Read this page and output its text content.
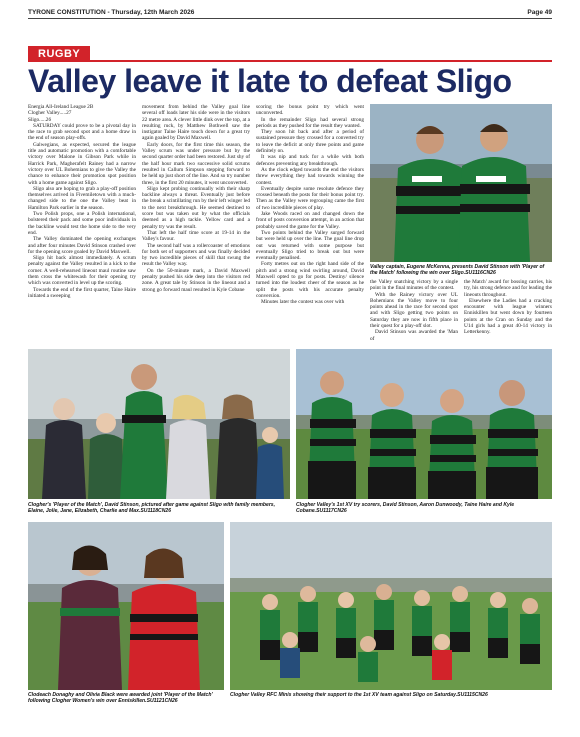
TYRONE CONSTITUTION - Thursday, 12th March 2026	Page 49
RUGBY
Valley leave it late to defeat Sligo

Energia All-Ireland League 2B

Clogher Valley.....27

Sligo.....26

SATURDAY could prove to be a pivotal day in the race to grab second spot and a home draw in the end of season play-offs.

Galwegians, as expected, secured the league title and automatic promotion with a comfortable victory over Malone in Gibson Park while in Harrick Park, Magherafelt Rainey had a narrow victory over UL Bohemians to give the Valley the chance to enhance their promotion spot position with a home game against Sligo.

Sligo also are hoping to grab a play-off position themselves arrived in Fivemiletown with a much-changed side to the one the Valley beat in Hamilton Park earlier in the season.

Two Polish props, one a Polish international, bolstered their pack and some poor individuals in the backline would test the home side to the very end.

The Valley dominated the opening exchanges and after four minutes David Stinson crashed over for the opening score goaled by David Maxwell.

Sligo hit back almost immediately. A scrum penalty against the Valley resulted in a kick to the corner. A well-rehearsed lineout maul routine saw them cross the whitewash for their opening try which was converted in level up the scoring.

Towards the end of the first quarter, Taine Haire initiated a sweeping

movement from behind the Valley goal line several off loads later his side were in the visitors 22 metre area. A clever little dink over the top, at a resulting ruck, by Matthew Bothwell saw the instigator Taine Haire touch down for a great try again goaled by David Maxwell.

Early doors, for the first time this season, the Valley scrum was under pressure but by the second quarter order had been restored. Just shy of the half hour mark two successive solid scrums resulted in Callum Simpson stepping forward to be held up just short of the line. And so try number three, in the first 20 minutes, it went unconverted.

Sligo kept probing continually with their sharp backline always a threat. Eventually just before the break a scintillating run by their left winger led to the next breakthrough. He seemed destined to score but was taken out by what the officials deemed as a high tackle. Yellow card and a penalty try was the result.

That left the half time score at 19-14 in the Valley's favour.

The second half was a rollercoaster of emotions for both set of supporters and was finally decided by two incredible pieces of skill that swung the result the Valley way.

On the 50-minute mark, a David Maxwell penalty pushed his side deep into the visitors red zone. A great tale by Stinson in the lineout and a strong go forward maul resulted in Kyle Cobane

scoring the bonus point try which went unconverted.

In the remainder Sligo had several strong periods as they pushed for the result they wanted.

They soon hit back and after a period of sustained pressure they crossed for a converted try to leave the deficit at only three points and game definitely on.

It was nip and tuck for a while with both defences preventing any breakthrough.

As the clock edged towards the end the visitors threw everything they had towards winning the contest.

Eventually despite some resolute defence they crossed beneath the posts for their bonus point try. Then as the Valley were regrouping came the first of two incredible pieces of play.

Jake Woods raced on and changed down the front of posts conversion attempt, in an action that probably saved the game for the Valley.

Two points behind the Valley surged forward but were held up over the line. The goal line drop out was returned with some purpose but eventually Sligo tried to break out but were eventually penalised.

Forty metres out on the right hand side of the pitch and a strong wind swirling around, David Maxwell opted to go for posts. Destiny/ silence turned into the loudest cheer of the season as he split the posts with his accurate penalty conversion.

Minutes later the contest was over with

Valley captain, Eugene McKenna, presents David Stinson with 'Player of the Match' following the win over Sligo.SU1116CN26

the Valley snatching victory by a single point in the final minutes of the contest.

With the Rainey victory over UL Bohemians the Valley move to four points ahead in the race for second spot and with Sligo getting two points on Saturday they are now in fifth place in their quest for a play-off slot.

David Stinson was awarded the 'Man of

the Match' award for bossing carries, his try, his strong defence and for leading the lineouts throughout.

Elsewhere the Ladies had a cracking encounter with league winners Enniskillen but went down by fourteen points at the Cran on Sunday and the U14 girls had a great 40-14 victory in Letterkenny.

Clogher's 'Player of the Match', David Stinson, pictured after game against Sligo with family members, Elaine, Jolie, Jane, Elizabeth, Charlie and Max.SU1118CN26
Clogher Valley's 1st XV try scorers, David Stinson, Aaron Dunwoody, Taine Haire and Kyle Cobane.SU1117CN26
Clodeach Donaghy and Olivia Black were awarded joint 'Player of the Match' following Clogher Women's win over Enniskillen.SU1121CN26
Clogher Valley RFC Minis showing their support to the 1st XV team against Sligo on Saturday.SU1115CN26
